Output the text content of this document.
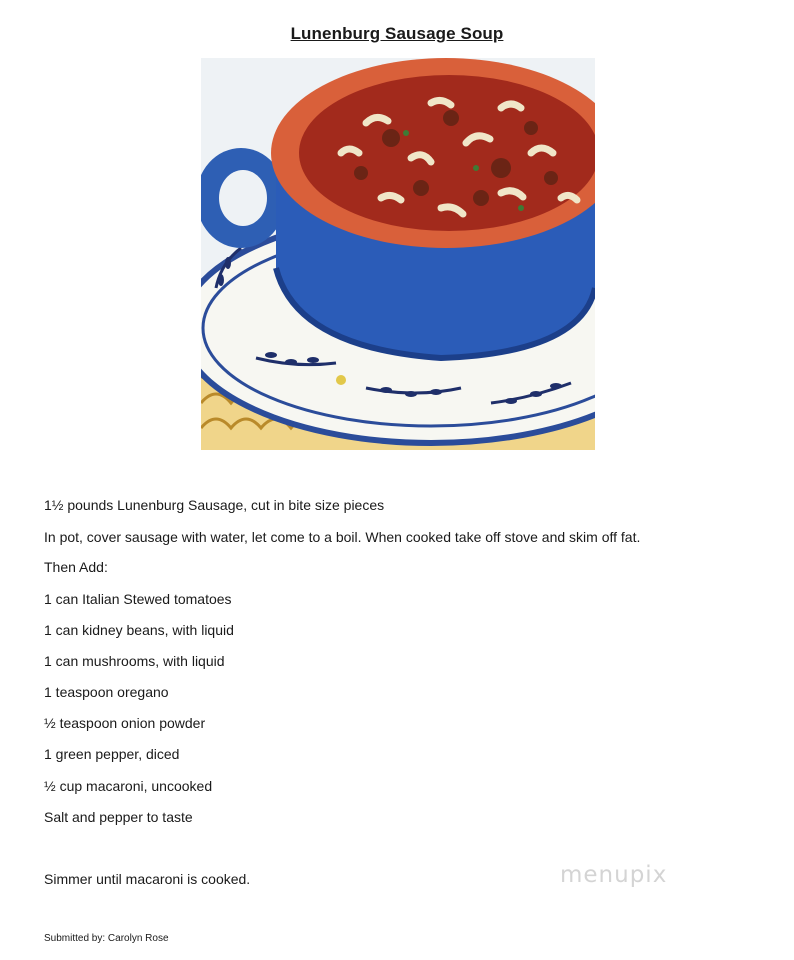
Lunenburg Sausage Soup
1½ pounds Lunenburg Sausage, cut in bite size pieces
In pot, cover sausage with water, let come to a boil. When cooked take off stove and skim off fat.
Then Add:
1 can Italian Stewed tomatoes
1 can kidney beans, with liquid
1 can mushrooms, with liquid
1 teaspoon oregano
½ teaspoon onion powder
1 green pepper, diced
½ cup macaroni, uncooked
Salt and pepper to taste
Simmer until macaroni is cooked.	menupix
Submitted by: Carolyn Rose
